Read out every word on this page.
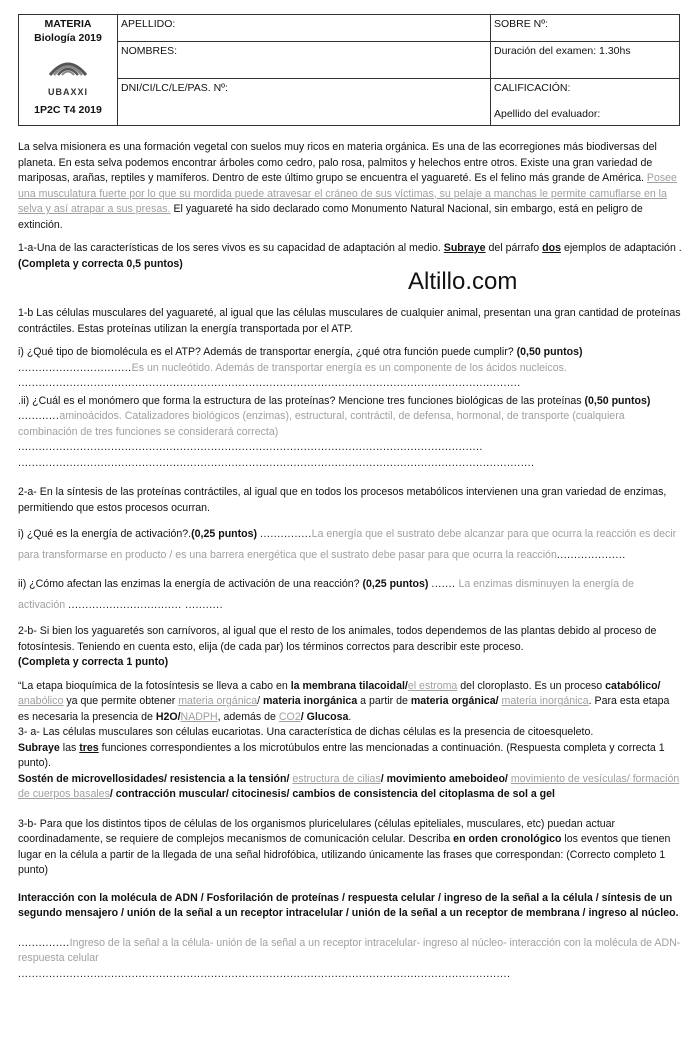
MATERIA
Biología 2019
UBAXXI
1P2C T4 2019	APELLIDO:	SOBRE Nº:
	NOMBRES:	Duración del examen: 1.30hs
	DNI/CI/LC/LE/PAS. Nº:	CALIFICACIÓN:
Apellido del evaluador:
Altillo.com

La selva misionera es una formación vegetal con suelos muy ricos en materia orgánica. Es una de las ecorregiones más biodiversas del planeta. En esta selva podemos encontrar árboles como cedro, palo rosa, palmitos y helechos entre otros. Existe una gran variedad de mariposas, arañas, reptiles y mamíferos. Dentro de este último grupo se encuentra el yaguareté. Es el felino más grande de América. Posee una musculatura fuerte por lo que su mordida puede atravesar el cráneo de sus víctimas, su pelaje a manchas le permite camuflarse en la selva y así atrapar a sus presas. El yaguareté ha sido declarado como Monumento Natural Nacional, sin embargo, está en peligro de extinción.

1-a-Una de las características de los seres vivos es su capacidad de adaptación al medio. Subraye del párrafo dos ejemplos de adaptación . (Completa y correcta 0,5 puntos)

1-b Las células musculares del yaguareté, al igual que las células musculares de cualquier animal, presentan una gran cantidad de proteínas contráctiles. Estas proteínas utilizan la energía transportada por el ATP.

i) ¿Qué tipo de biomolécula es el ATP? Además de transportar energía, ¿qué otra función puede cumplir? (0,50 puntos)
.................................Es un nucleótido. Además de transportar energía es un componente de los ácidos nucleicos.
..................................................................................................................................................

.ii) ¿Cuál es el monómero que forma la estructura de las proteínas? Mencione tres funciones biológicas de las proteínas (0,50 puntos) ............aminoácidos. Catalizadores biológicos (enzimas), estructural, contráctil, de defensa, hormonal, de transporte (cualquiera combinación de tres funciones se considerará correcta)
.......................................................................................................................................
......................................................................................................................................................

2-a- En la síntesis de las proteínas contráctiles, al igual que en todos los procesos metabólicos intervienen una gran variedad de enzimas, permitiendo que estos procesos ocurran.

i) ¿Qué es la energía de activación?.(0,25 puntos) ...............La energía que el sustrato debe alcanzar para que ocurra la reacción es decir para transformarse en producto / es una barrera energética que el sustrato debe pasar para que ocurra la reacción....................

ii) ¿Cómo afectan las enzimas la energía de activación de una reacción? (0,25 puntos) ....... La enzimas disminuyen la energía de activación ................................. ...........

2-b- Si bien los yaguaretés son carnívoros, al igual que el resto de los animales, todos dependemos de las plantas debido al proceso de fotosíntesis. Teniendo en cuenta esto, elija (de cada par) los términos correctos para describir este proceso.
(Completa y correcta 1 punto)

“La etapa bioquímica de la fotosíntesis se lleva a cabo en la membrana tilacoidal/el estroma del cloroplasto. Es un proceso catabólico/ anabólico ya que permite obtener materia orgánica/ materia inorgánica a partir de materia orgánica/ materia inorgánica. Para esta etapa es necesaria la presencia de H2O/NADPH, además de CO2/ Glucosa.

3- a- Las células musculares son células eucariotas. Una característica de dichas células es la presencia de citoesqueleto.
Subraye las tres funciones correspondientes a los microtúbulos entre las mencionadas a continuación. (Respuesta completa y correcta 1 punto).
Sostén de microvellosidades/ resistencia a la tensión/ estructura de cilias/ movimiento ameboideo/ movimiento de vesículas/ formación de cuerpos basales/ contracción muscular/ citocinesis/ cambios de consistencia del citoplasma de sol a gel

3-b- Para que los distintos tipos de células de los organismos pluricelulares (células epiteliales, musculares, etc) puedan actuar coordinadamente, se requiere de complejos mecanismos de comunicación celular. Describa en orden cronológico los eventos que tienen lugar en la célula a partir de la llegada de una señal hidrofóbica, utilizando únicamente las frases que correspondan: (Correcto completo 1 punto)

Interacción con la molécula de ADN / Fosforilación de proteínas / respuesta celular / ingreso de la señal a la célula / síntesis de un segundo mensajero / unión de la señal a un receptor intracelular / unión de la señal a un receptor de membrana / ingreso al núcleo.

...............Ingreso de la señal a la célula- unión de la señal a un receptor intracelular- ingreso al núcleo- interacción con la molécula de ADN- respuesta celular
...............................................................................................................................................
